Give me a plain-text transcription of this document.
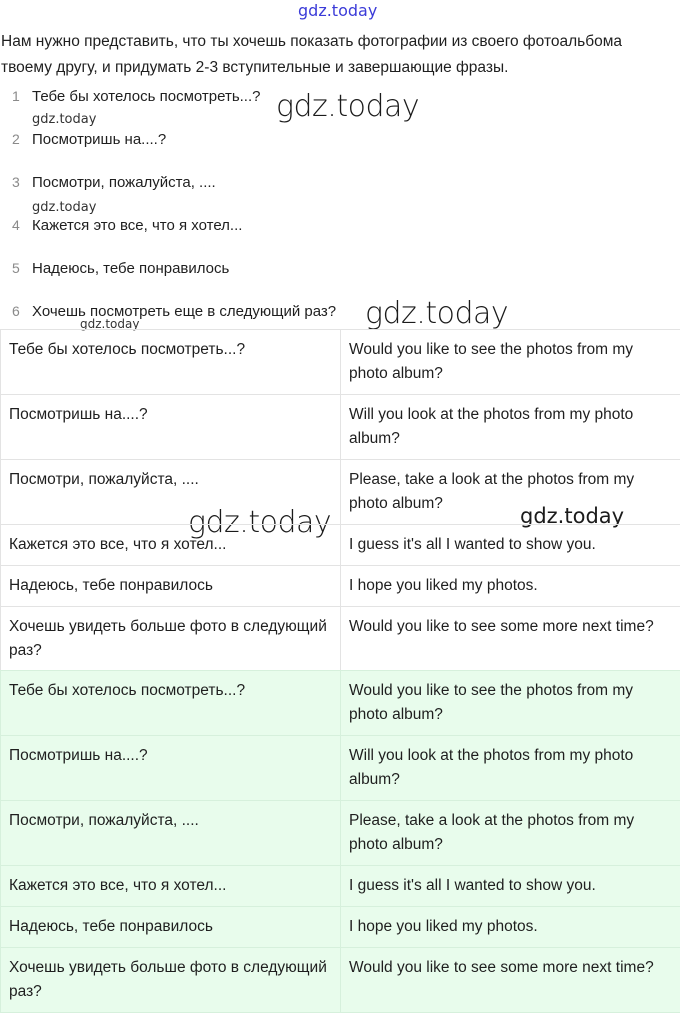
gdz.today
gdz.today
gdz.today
gdz.today
gdz.today
gdz.today
gdz.today	gdz.today
Нам нужно представить, что ты хочешь показать фотографии из своего фотоальбома твоему другу, и придумать 2-3 вступительные и завершающие фразы.
1 Тебе бы хотелось посмотреть...?
2 Посмотришь на....?
3 Посмотри, пожалуйста, ....
4 Кажется это все, что я хотел...
5 Надеюсь, тебе понравилось
6 Хочешь посмотреть еще в следующий раз?
Тебе бы хотелось посмотреть...?	Would you like to see the photos from my photo album?
Посмотришь на....?	Will you look at the photos from my photo album?
Посмотри, пожалуйста, ....	Please, take a look at the photos from my photo album?
Кажется это все, что я хотел...	I guess it's all I wanted to show you.
Надеюсь, тебе понравилось	I hope you liked my photos.
Хочешь увидеть больше фото в следующий раз?	Would you like to see some more next time?
Тебе бы хотелось посмотреть...?	Would you like to see the photos from my photo album?
Посмотришь на....?	Will you look at the photos from my photo album?
Посмотри, пожалуйста, ....	Please, take a look at the photos from my photo album?
Кажется это все, что я хотел...	I guess it's all I wanted to show you.
Надеюсь, тебе понравилось	I hope you liked my photos.
Хочешь увидеть больше фото в следующий раз?	Would you like to see some more next time?
